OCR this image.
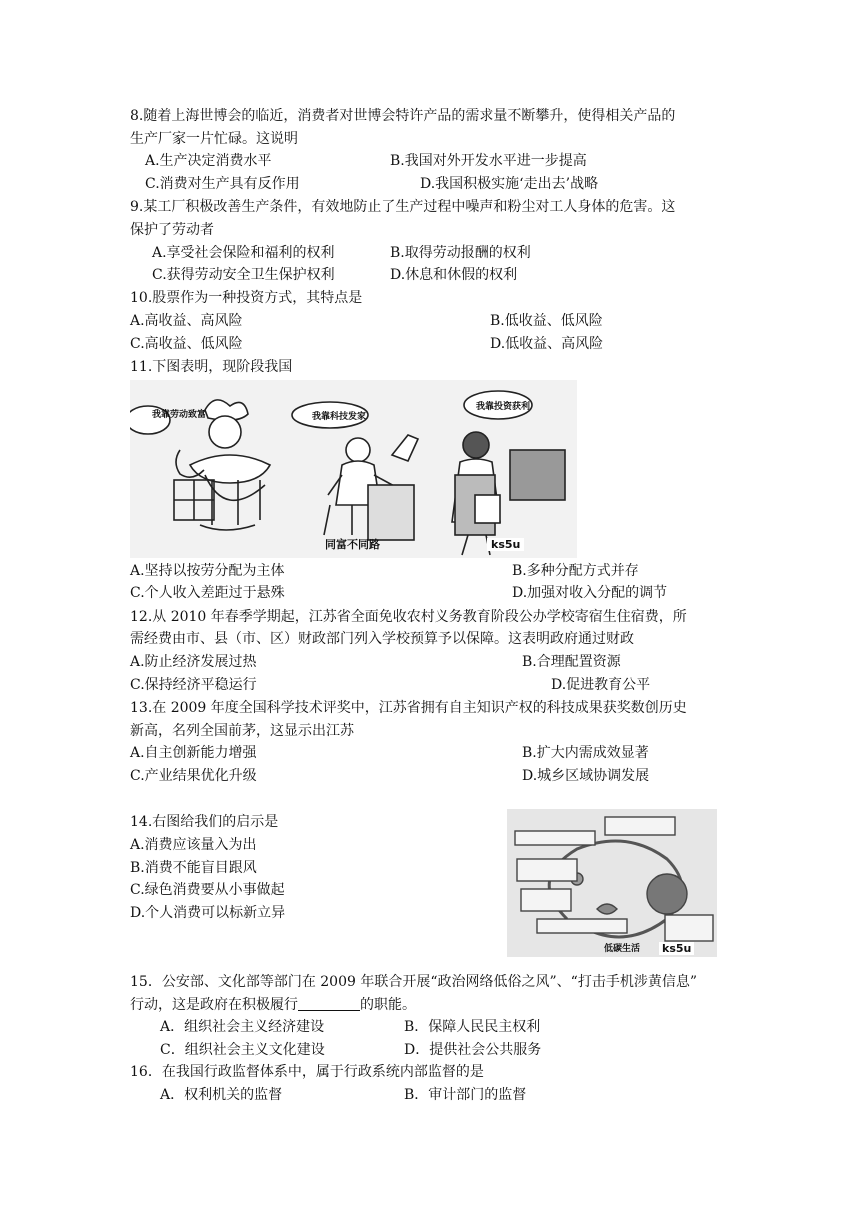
8.随着上海世博会的临近，消费者对世博会特许产品的需求量不断攀升，使得相关产品的
生产厂家一片忙碌。这说明
A.生产决定消费水平	B.我国对外开发水平进一步提高
C.消费对生产具有反作用	D.我国积极实施‘走出去’战略
9.某工厂积极改善生产条件，有效地防止了生产过程中噪声和粉尘对工人身体的危害。这
保护了劳动者
A.享受社会保险和福利的权利	B.取得劳动报酬的权利
C.获得劳动安全卫生保护权利	D.休息和休假的权利
10.股票作为一种投资方式，其特点是
A.高收益、高风险	B.低收益、低风险
C.高收益、低风险	D.低收益、高风险
11.下图表明，现阶段我国
我靠劳动致富	我靠科技发家
我靠投资获利
同富不同路	ks5u
A.坚持以按劳分配为主体	B.多种分配方式并存
C.个人收入差距过于悬殊	D.加强对收入分配的调节
12.从 2010 年春季学期起，江苏省全面免收农村义务教育阶段公办学校寄宿生住宿费，所
需经费由市、县（市、区）财政部门列入学校预算予以保障。这表明政府通过财政
A.防止经济发展过热	B.合理配置资源
C.保持经济平稳运行	D.促进教育公平
13.在 2009 年度全国科学技术评奖中，江苏省拥有自主知识产权的科技成果获奖数创历史
新高，名列全国前茅，这显示出江苏
A.自主创新能力增强	B.扩大内需成效显著
C.产业结果优化升级	D.城乡区域协调发展
14.右图给我们的启示是
A.消费应该量入为出
B.消费不能盲目跟风
C.绿色消费要从小事做起
D.个人消费可以标新立异
低碳生活 ks5u
15．公安部、文化部等部门在 2009 年联合开展“政治网络低俗之风”、“打击手机涉黄信息”
行动，这是政府在积极履行	的职能。
A．组织社会主义经济建设	B．保障人民民主权利
C．组织社会主义文化建设	D．提供社会公共服务
16．在我国行政监督体系中，属于行政系统内部监督的是
A．权利机关的监督	B．审计部门的监督
